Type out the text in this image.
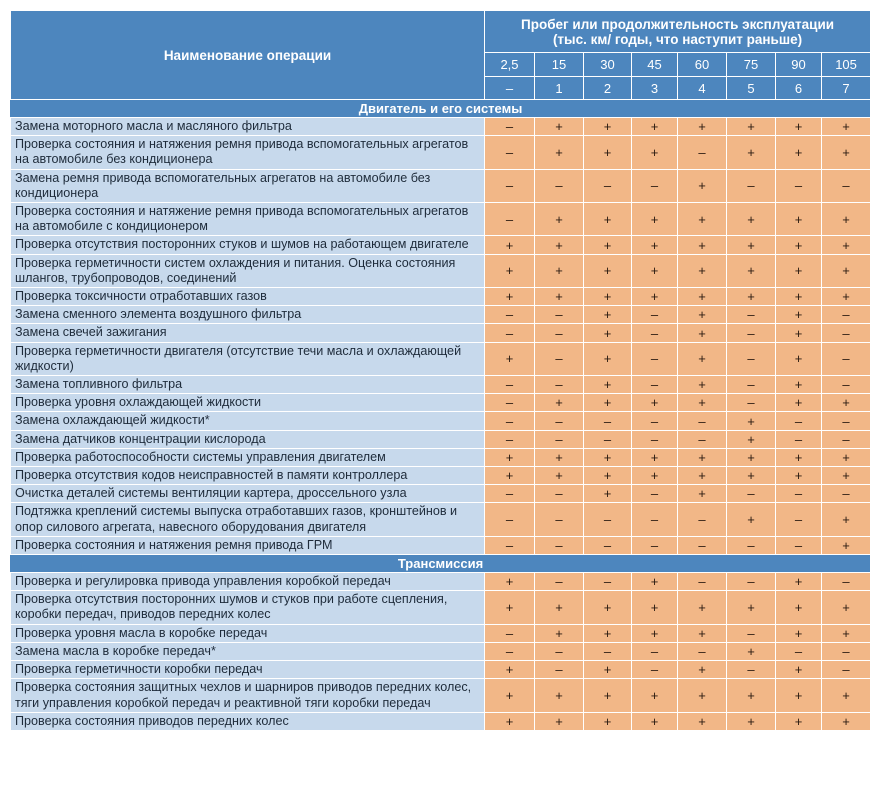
Наименование операции	Пробег или продолжительность эксплуатации
(тыс. км/ годы, что наступит раньше)							

	2,5	15	30	45	60	75	90	105
	–	1	2	3	4	5	6	7
Двигатель и его системы								
Замена моторного масла и масляного фильтра	–	+	+	+	+	+	+	+
Проверка состояния и натяжения ремня привода вспомогательных агрегатов на автомобиле без кондиционера	–	+	+	+	–	+	+	+
Замена ремня привода вспомогательных агрегатов на автомобиле без кондиционера	–	–	–	–	+	–	–	–
Проверка состояния и натяжение ремня привода вспомогательных агрегатов на автомобиле с кондиционером	–	+	+	+	+	+	+	+
Проверка отсутствия посторонних стуков и шумов на работающем двигателе	+	+	+	+	+	+	+	+
Проверка герметичности систем охлаждения и питания. Оценка состояния шлангов, трубопроводов, соединений	+	+	+	+	+	+	+	+
Проверка токсичности отработавших газов	+	+	+	+	+	+	+	+
Замена сменного элемента воздушного фильтра	–	–	+	–	+	–	+	–
Замена свечей зажигания	–	–	+	–	+	–	+	–
Проверка герметичности двигателя (отсутствие течи масла и охлаждающей жидкости)	+	–	+	–	+	–	+	–
Замена топливного фильтра	–	–	+	–	+	–	+	–
Проверка уровня охлаждающей жидкости	–	+	+	+	+	–	+	+
Замена охлаждающей жидкости*	–	–	–	–	–	+	–	–
Замена датчиков концентрации кислорода	–	–	–	–	–	+	–	–
Проверка работоспособности системы управления двигателем	+	+	+	+	+	+	+	+
Проверка отсутствия кодов неисправностей в памяти контроллера	+	+	+	+	+	+	+	+
Очистка деталей системы вентиляции картера, дроссельного узла	–	–	+	–	+	–	–	–
Подтяжка креплений системы выпуска отработавших газов, кронштейнов и опор силового агрегата, навесного оборудования двигателя	–	–	–	–	–	+	–	+
Проверка состояния и натяжения ремня привода ГРМ	–	–	–	–	–	–	–	+
Трансмиссия								
Проверка и регулировка привода управления коробкой передач	+	–	–	+	–	–	+	–
Проверка отсутствия посторонних шумов и стуков при работе сцепления, коробки передач, приводов передних колес	+	+	+	+	+	+	+	+
Проверка уровня масла в коробке передач	–	+	+	+	+	–	+	+
Замена масла в коробке передач*	–	–	–	–	–	+	–	–
Проверка герметичности коробки передач	+	–	+	–	+	–	+	–
Проверка состояния защитных чехлов и шарниров приводов передних колес, тяги управления коробкой передач и реактивной тяги коробки передач	+	+	+	+	+	+	+	+
Проверка состояния приводов передних колес	+	+	+	+	+	+	+	+
